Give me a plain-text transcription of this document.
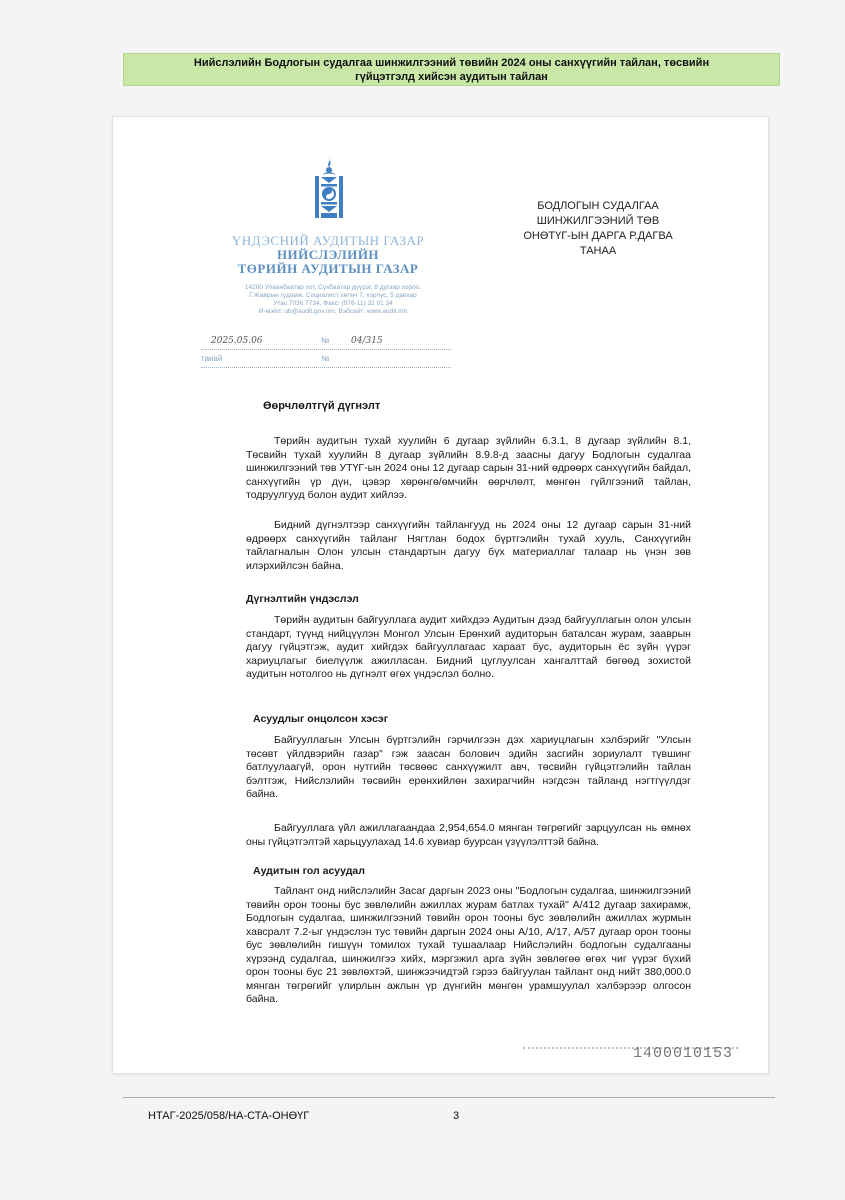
Нийслэлийн Бодлогын судалгаа шинжилгээний төвийн 2024 оны санхүүгийн тайлан, төсвийн
гүйцэтгэлд хийсэн аудитын тайлан
ҮНДЭСНИЙ АУДИТЫН ГАЗАР
НИЙСЛЭЛИЙН
ТӨРИЙН АУДИТЫН ГАЗАР
14200 Улаанбаатар хот, Сүхбаатар дүүрэг, 8 дугаар хороо,
Г.Жаврын гудамж, Социалист хөтөч 7, корпус, 5 давхар
Утас:7036 7734, Факс: (976-11) 32 01 34
И-мэйл: ub@audit.gov.mn, Вэбсайт: www.audit.mn
2025.05.06	№ 04/315
танай	№
БОДЛОГЫН СУДАЛГАА
ШИНЖИЛГЭЭНИЙ ТӨВ
ОНӨТҮГ-ЫН ДАРГА Р.ДАГВА
ТАНАА
Өөрчлөлтгүй дүгнэлт
Төрийн аудитын тухай хуулийн 6 дугаар зүйлийн 6.3.1, 8 дугаар зүйлийн 8.1, Төсвийн тухай хуулийн 8 дугаар зүйлийн 8.9.8-д заасны дагуу Бодлогын судалгаа шинжилгээний төв УТҮГ-ын 2024 оны 12 дугаар сарын 31-ний өдрөөрх санхүүгийн байдал, санхүүгийн үр дүн, цэвэр хөрөнгө/өмчийн өөрчлөлт, мөнгөн гүйлгээний тайлан, тодруулгууд болон аудит хийлээ.
Бидний дүгнэлтээр санхүүгийн тайлангууд нь 2024 оны 12 дугаар сарын 31-ний өдрөөрх санхүүгийн тайланг Нягтлан бодох бүртгэлийн тухай хууль, Санхүүгийн тайлагналын Олон улсын стандартын дагуу бүх материаллаг талаар нь үнэн зөв илэрхийлсэн байна.
Дүгнэлтийн үндэслэл
Төрийн аудитын байгууллага аудит хийхдээ Аудитын дээд байгууллагын олон улсын стандарт, түүнд нийцүүлэн Монгол Улсын Ерөнхий аудиторын баталсан журам, зааврын дагуу гүйцэтгэж, аудит хийгдэх байгууллагаас хараат бус, аудиторын ёс зүйн үүрэг хариуцлагыг биелүүлж ажилласан. Бидний цуглуулсан хангалттай бөгөөд зохистой аудитын нотолгоо нь дүгнэлт өгөх үндэслэл болно.
Асуудлыг онцолсон хэсэг
Байгууллагын Улсын бүртгэлийн гэрчилгээн дэх хариуцлагын хэлбэрийг "Улсын төсөвт үйлдвэрийн газар" гэж заасан болович эдийн засгийн зориулалт түвшинг батлуулаагүй, орон нутгийн төсвөөс санхүүжилт авч, төсвийн гүйцэтгэлийн тайлан бэлтгэж, Нийслэлийн төсвийн ерөнхийлөн захирагчийн нэгдсэн тайланд нэгтгүүлдэг байна.
Байгууллага үйл ажиллагаандаа 2,954,654.0 мянган төгрөгийг зарцуулсан нь өмнөх оны гүйцэтгэлтэй харьцуулахад 14.6 хувиар буурсан үзүүлэлттэй байна.
Аудитын гол асуудал
Тайлант онд нийслэлийн Засаг даргын 2023 оны "Бодлогын судалгаа, шинжилгээний төвийн орон тооны бус зөвлөлийн ажиллах журам батлах тухай" А/412 дугаар захирамж, Бодлогын судалгаа, шинжилгээний төвийн орон тооны бус зөвлөлийн ажиллах журмын хавсралт 7.2-ыг үндэслэн тус төвийн даргын 2024 оны А/10, А/17, А/57 дугаар орон тооны бус зөвлөлийн гишүүн томилох тухай тушаалаар Нийслэлийн бодлогын судалгааны хүрээнд судалгаа, шинжилгээ хийх, мэргэжил арга зүйн зөвлөгөө өгөх чиг үүрэг бүхий орон тооны бус 21 зөвлөхтэй, шинжээчидтэй гэрээ байгуулан тайлант онд нийт 380,000.0 мянган төгрөгийг үлирлын ажлын үр дүнгийн мөнгөн урамшуулал хэлбэрээр олгосон байна.
1400010153
НТАГ-2025/058/НА-СТА-ОНӨҮГ	3
